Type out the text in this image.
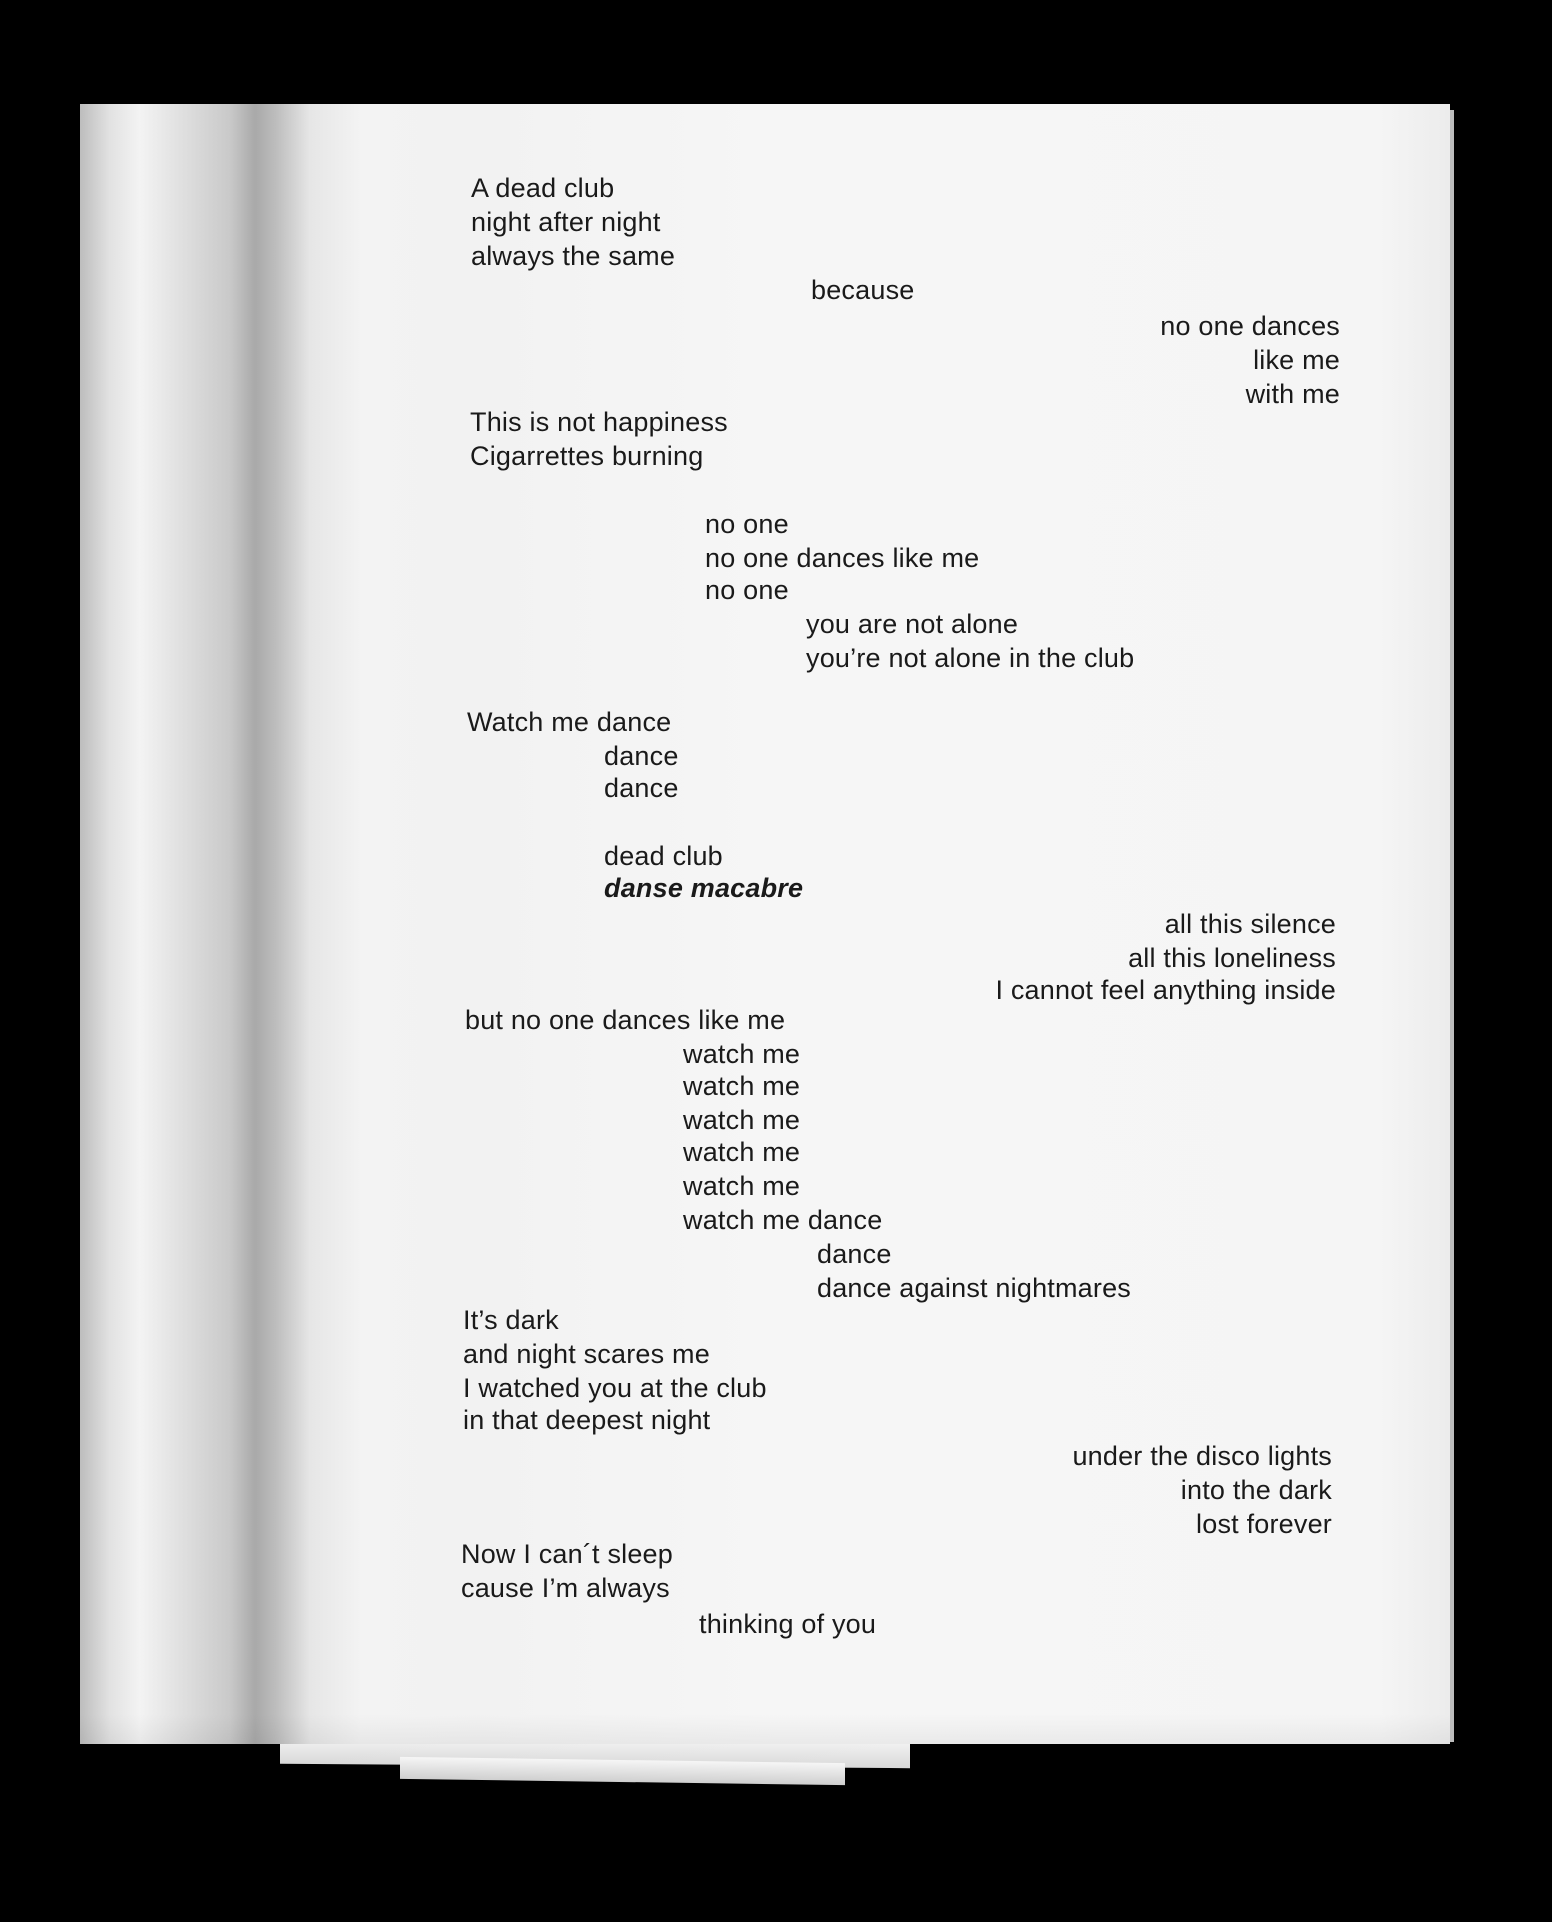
A dead club
night after night
always the same
because
no one dances
like me
with me
This is not happiness
Cigarrettes burning
no one
no one dances like me
no one
you are not alone
you’re not alone in the club
Watch me dance
dance
dance
dead club
danse macabre
all this silence
all this loneliness
I cannot feel anything inside
but no one dances like me
watch me
watch me
watch me
watch me
watch me
watch me dance
dance
dance against nightmares
It’s dark
and night scares me
I watched you at the club
in that deepest night
under the disco lights
into the dark
lost forever
Now I can´t sleep
cause I’m always
thinking of you
